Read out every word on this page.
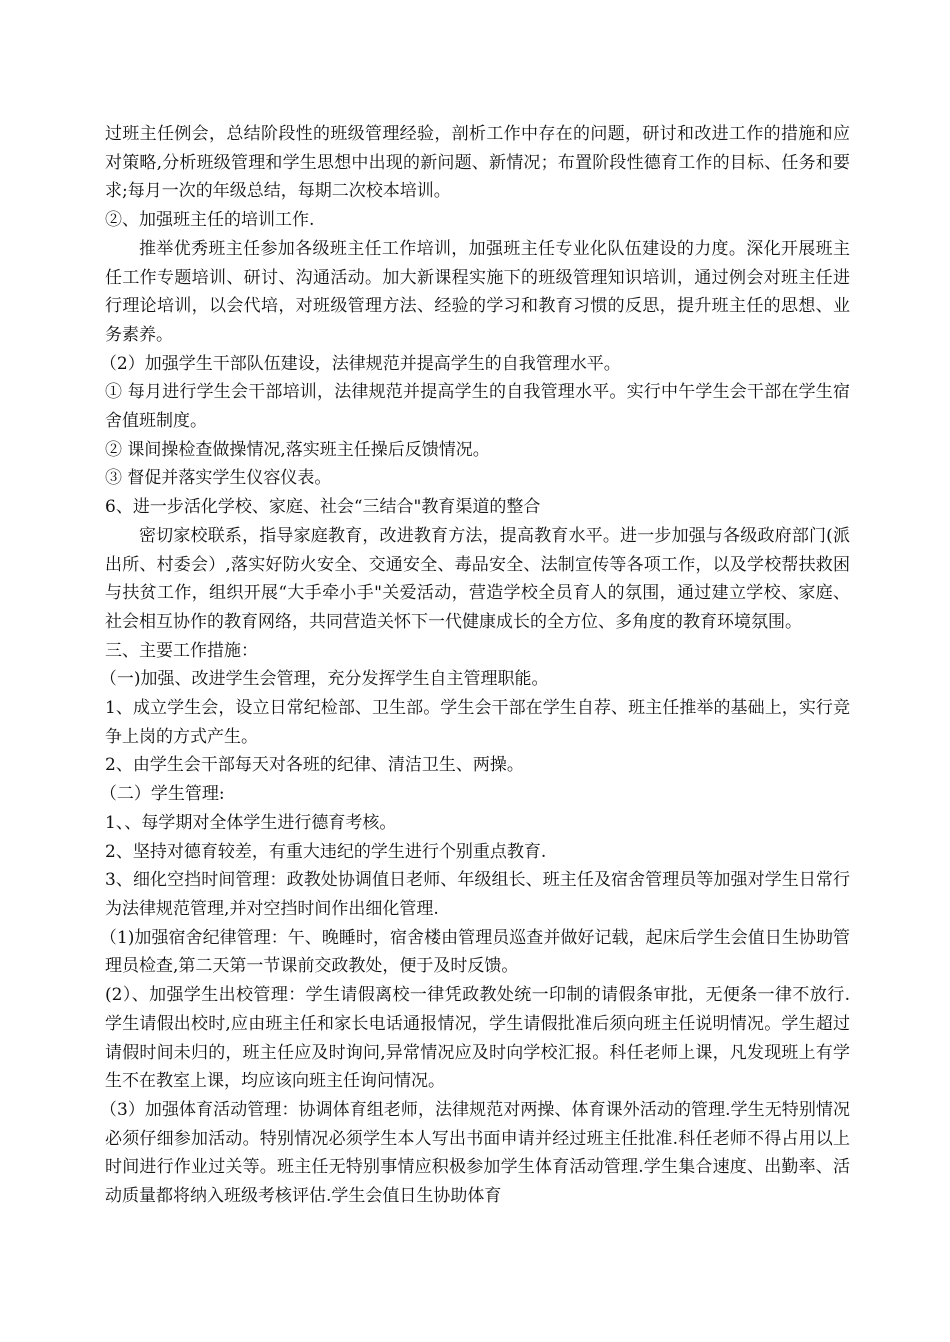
过班主任例会，总结阶段性的班级管理经验，剖析工作中存在的问题，研讨和改进工作的措施和应对策略,分析班级管理和学生思想中出现的新问题、新情况；布置阶段性德育工作的目标、任务和要求;每月一次的年级总结，每期二次校本培训。

②、加强班主任的培训工作.

推举优秀班主任参加各级班主任工作培训，加强班主任专业化队伍建设的力度。深化开展班主任工作专题培训、研讨、沟通活动。加大新课程实施下的班级管理知识培训，通过例会对班主任进行理论培训，以会代培，对班级管理方法、经验的学习和教育习惯的反思，提升班主任的思想、业务素养。

（2）加强学生干部队伍建设，法律规范并提高学生的自我管理水平。

① 每月进行学生会干部培训，法律规范并提高学生的自我管理水平。实行中午学生会干部在学生宿舍值班制度。

② 课间操检查做操情况,落实班主任操后反馈情况。

③ 督促并落实学生仪容仪表。

6、进一步活化学校、家庭、社会“三结合"教育渠道的整合

密切家校联系，指导家庭教育，改进教育方法，提高教育水平。进一步加强与各级政府部门(派出所、村委会）,落实好防火安全、交通安全、毒品安全、法制宣传等各项工作，以及学校帮扶救困与扶贫工作，组织开展“大手牵小手"关爱活动，营造学校全员育人的氛围，通过建立学校、家庭、社会相互协作的教育网络，共同营造关怀下一代健康成长的全方位、多角度的教育环境氛围。

三、主要工作措施：

（一)加强、改进学生会管理，充分发挥学生自主管理职能。

1、成立学生会，设立日常纪检部、卫生部。学生会干部在学生自荐、班主任推举的基础上，实行竞争上岗的方式产生。

2、由学生会干部每天对各班的纪律、清洁卫生、两操。

（二）学生管理:

1、、每学期对全体学生进行德育考核。

2、坚持对德育较差，有重大违纪的学生进行个别重点教育.

3、细化空挡时间管理：政教处协调值日老师、年级组长、班主任及宿舍管理员等加强对学生日常行为法律规范管理,并对空挡时间作出细化管理.

（1)加强宿舍纪律管理：午、晚睡时，宿舍楼由管理员巡查并做好记载，起床后学生会值日生协助管理员检查,第二天第一节课前交政教处，便于及时反馈。

(2）、加强学生出校管理：学生请假离校一律凭政教处统一印制的请假条审批，无便条一律不放行.学生请假出校时,应由班主任和家长电话通报情况，学生请假批准后须向班主任说明情况。学生超过请假时间未归的，班主任应及时询问,异常情况应及时向学校汇报。科任老师上课，凡发现班上有学生不在教室上课，均应该向班主任询问情况。

（3）加强体育活动管理：协调体育组老师，法律规范对两操、体育课外活动的管理.学生无特别情况必须仔细参加活动。特别情况必须学生本人写出书面申请并经过班主任批准.科任老师不得占用以上时间进行作业过关等。班主任无特别事情应积极参加学生体育活动管理.学生集合速度、出勤率、活动质量都将纳入班级考核评估.学生会值日生协助体育
